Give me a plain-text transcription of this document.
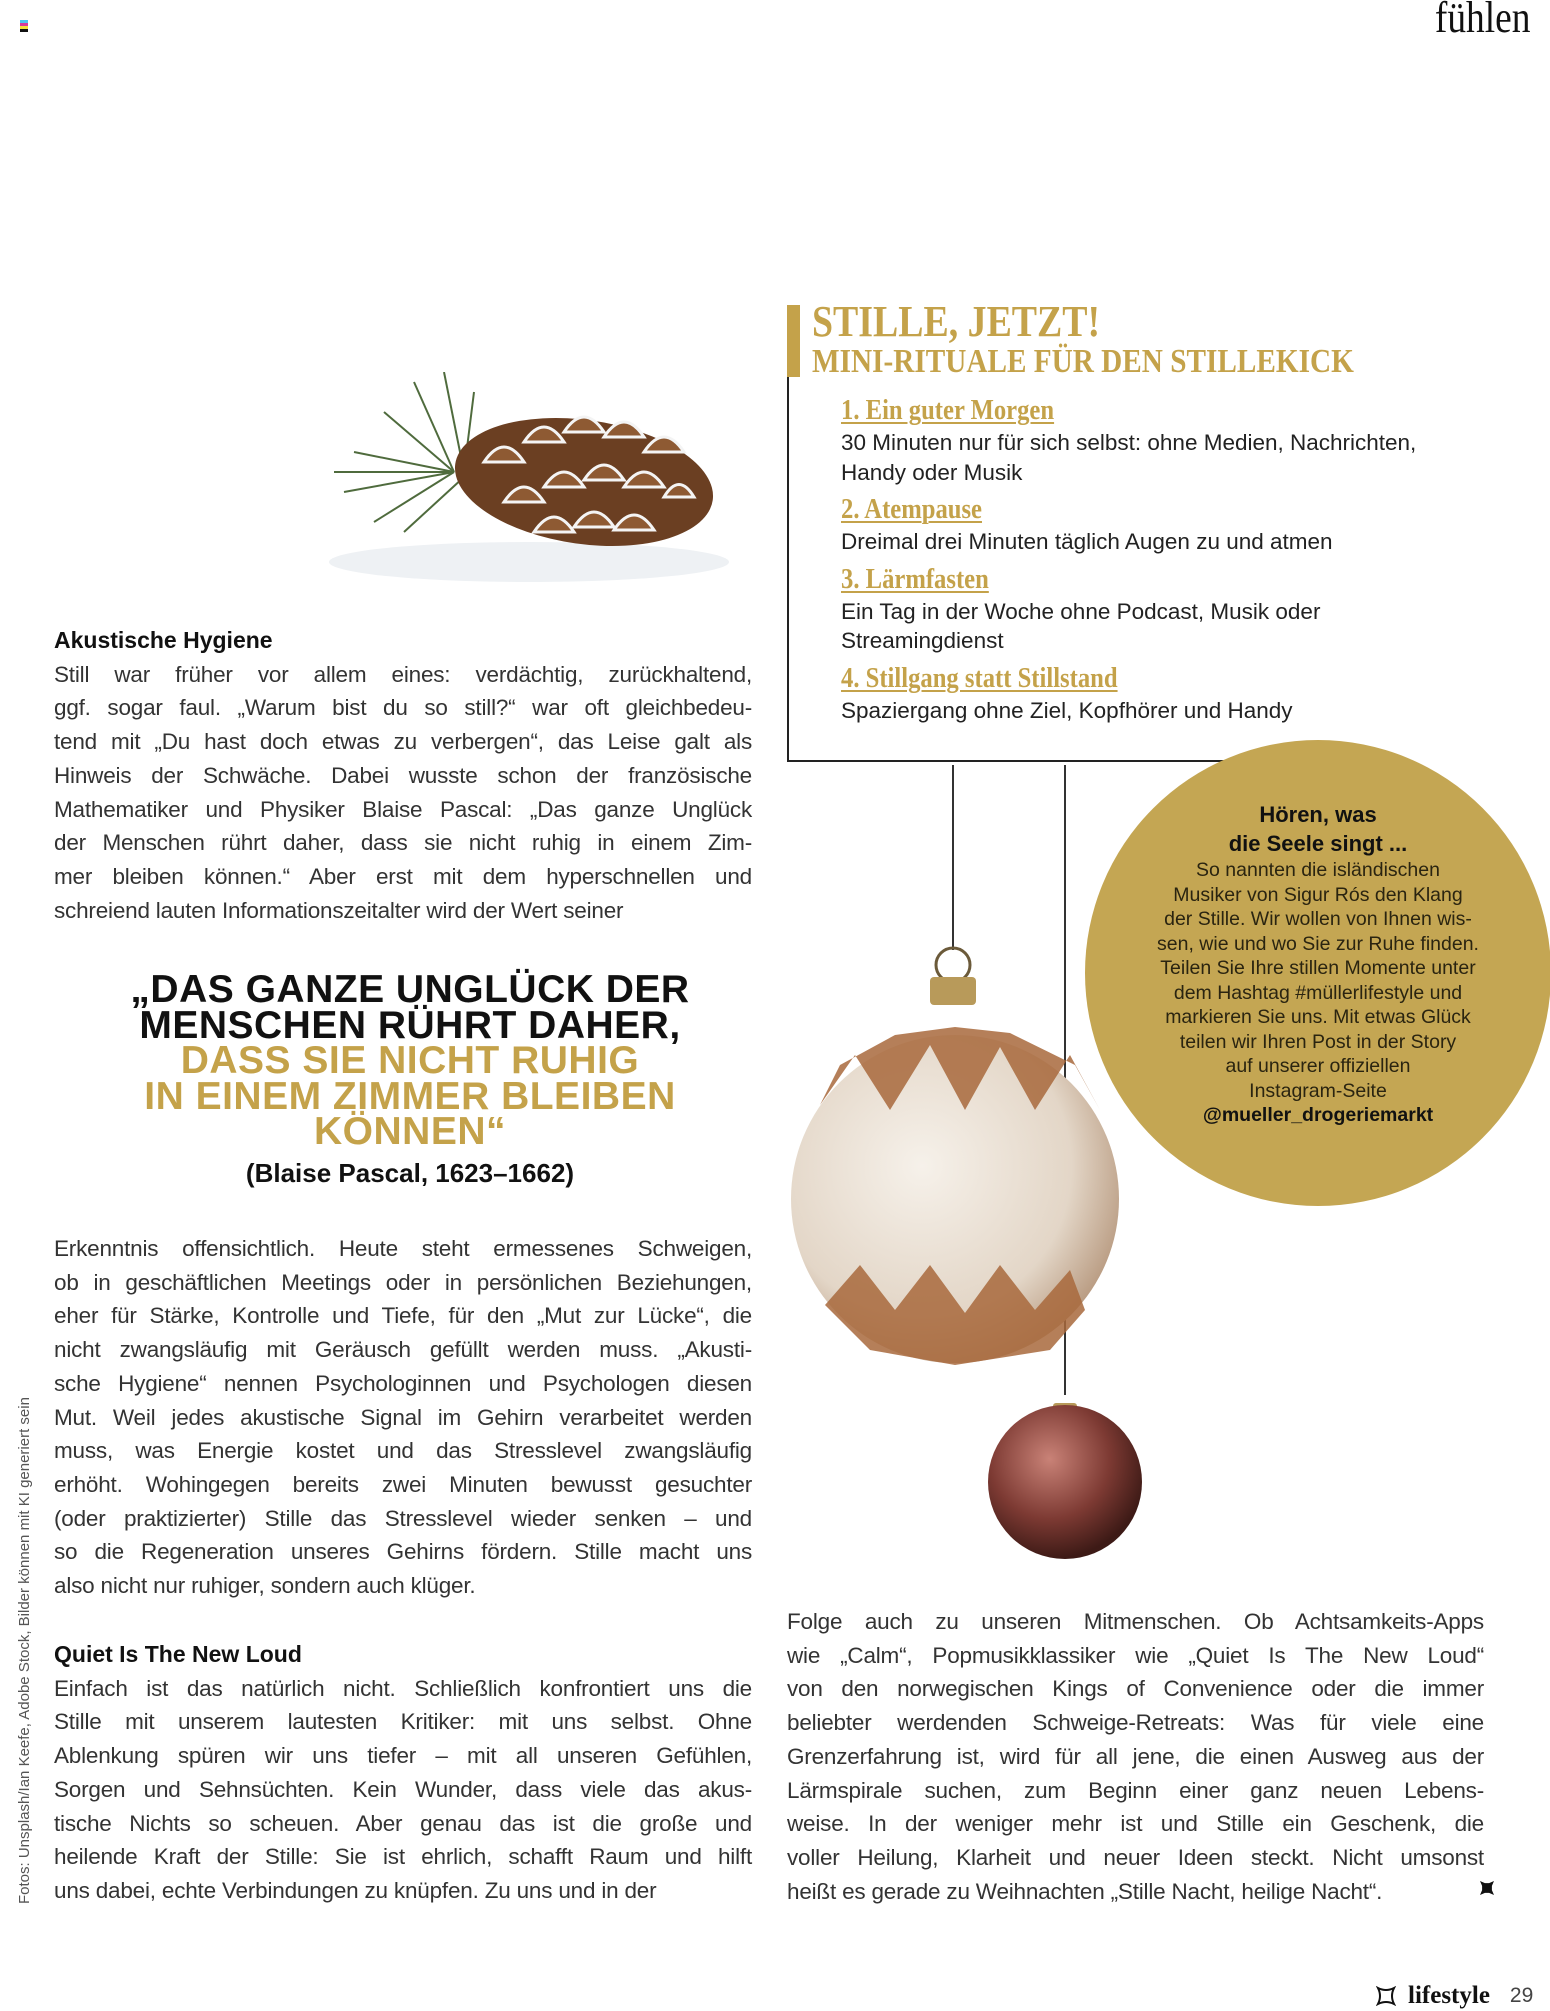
fühlen
Akustische Hygiene
Still war früher vor allem eines: verdächtig, zurückhaltend,
ggf. sogar faul. „Warum bist du so still?“ war oft gleichbedeu-
tend mit „Du hast doch etwas zu verbergen“, das Leise galt als
Hinweis der Schwäche. Dabei wusste schon der französische
Mathematiker und Physiker Blaise Pascal: „Das ganze Unglück
der Menschen rührt daher, dass sie nicht ruhig in einem Zim-
mer bleiben können.“ Aber erst mit dem hyperschnellen und
schreiend lauten Informationszeitalter wird der Wert seiner
„DAS GANZE UNGLÜCK DER
MENSCHEN RÜHRT DAHER,
DASS SIE NICHT RUHIG
IN EINEM ZIMMER BLEIBEN
KÖNNEN“
(Blaise Pascal, 1623–1662)
Erkenntnis offensichtlich. Heute steht ermessenes Schweigen,
ob in geschäftlichen Meetings oder in persönlichen Beziehungen,
eher für Stärke, Kontrolle und Tiefe, für den „Mut zur Lücke“, die
nicht zwangsläufig mit Geräusch gefüllt werden muss. „Akusti-
sche Hygiene“ nennen Psychologinnen und Psychologen diesen
Mut. Weil jedes akustische Signal im Gehirn verarbeitet werden
muss, was Energie kostet und das Stresslevel zwangsläufig
erhöht. Wohingegen bereits zwei Minuten bewusst gesuchter
(oder praktizierter) Stille das Stresslevel wieder senken – und
so die Regeneration unseres Gehirns fördern. Stille macht uns
also nicht nur ruhiger, sondern auch klüger.
Quiet Is The New Loud
Einfach ist das natürlich nicht. Schließlich konfrontiert uns die
Stille mit unserem lautesten Kritiker: mit uns selbst. Ohne
Ablenkung spüren wir uns tiefer – mit all unseren Gefühlen,
Sorgen und Sehnsüchten. Kein Wunder, dass viele das akus-
tische Nichts so scheuen. Aber genau das ist die große und
heilende Kraft der Stille: Sie ist ehrlich, schafft Raum und hilft
uns dabei, echte Verbindungen zu knüpfen. Zu uns und in der
STILLE, JETZT!
MINI-RITUALE FÜR DEN STILLEKICK
1. Ein guter Morgen
30 Minuten nur für sich selbst: ohne Medien, Nachrichten, Handy oder Musik
2. Atempause
Dreimal drei Minuten täglich Augen zu und atmen
3. Lärmfasten
Ein Tag in der Woche ohne Podcast, Musik oder Streamingdienst
4. Stillgang statt Stillstand
Spaziergang ohne Ziel, Kopfhörer und Handy
Hören, was
die Seele singt ...
So nannten die isländischen
Musiker von Sigur Rós den Klang
der Stille. Wir wollen von Ihnen wis-
sen, wie und wo Sie zur Ruhe finden.
Teilen Sie Ihre stillen Momente unter
dem Hashtag #müllerlifestyle und
markieren Sie uns. Mit etwas Glück
teilen wir Ihren Post in der Story
auf unserer offiziellen
Instagram-Seite
@mueller_drogeriemarkt
Folge auch zu unseren Mitmenschen. Ob Achtsamkeits-Apps
wie „Calm“, Popmusikklassiker wie „Quiet Is The New Loud“
von den norwegischen Kings of Convenience oder die immer
beliebter werdenden Schweige-Retreats: Was für viele eine
Grenzerfahrung ist, wird für all jene, die einen Ausweg aus der
Lärmspirale suchen, zum Beginn einer ganz neuen Lebens-
weise. In der weniger mehr ist und Stille ein Geschenk, die
voller Heilung, Klarheit und neuer Ideen steckt. Nicht umsonst
heißt es gerade zu Weihnachten „Stille Nacht, heilige Nacht“.
Fotos: Unsplash/Ian Keefe, Adobe Stock, Bilder können mit KI generiert sein
lifestyle 29
